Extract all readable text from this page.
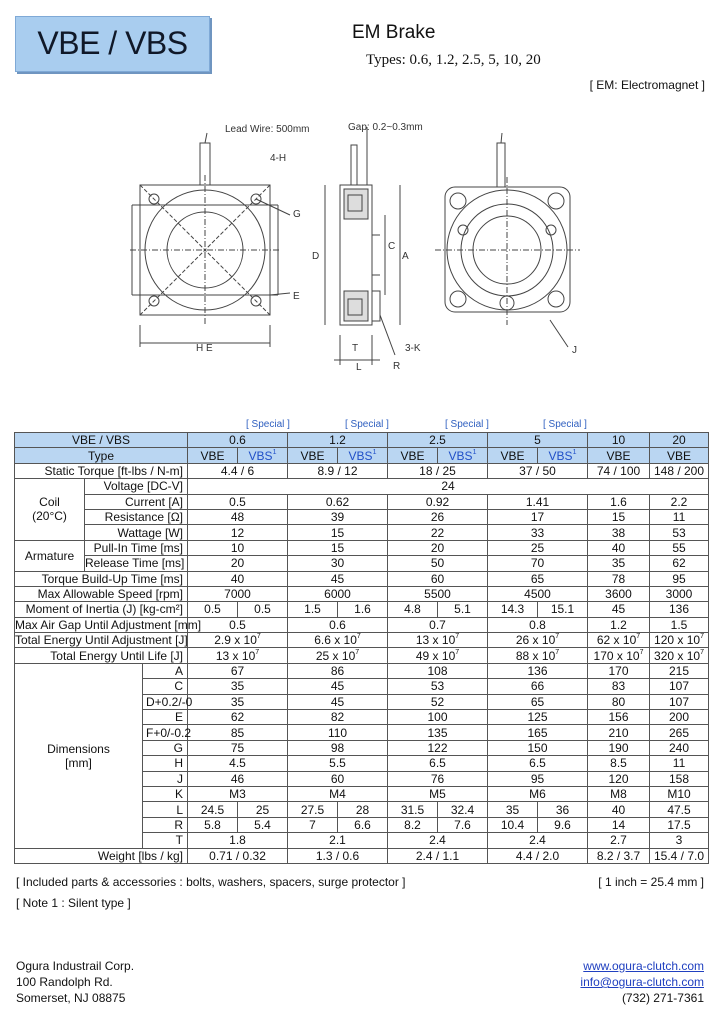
VBE / VBS	EM Brake
Types: 0.6, 1.2, 2.5, 5, 10, 20
[ EM: Electromagnet ]
Lead Wire: 500mm	Gap: 0.2~0.3mm
4-H
G
E
H E
D
C
A
T
L
3-K
R
J
[ Special ]	[ Special ]	[ Special ]	[ Special ]
VBE / VBS			0.6		1.2		2.5		5		10	20
Type			VBE	VBS$^1$	VBE	VBS$^1$	VBE	VBS$^1$	VBE	VBS$^1$	VBE	VBE
Static Torque [ft-lbs / N-m]			4.4 / 6		8.9 / 12		18 / 25		37 / 50		74 / 100	148 / 200
Coil
(20°C)	Voltage [DC-V]		24									
	Current [A]		0.5		0.62		0.92		1.41		1.6	2.2
	Resistance [Ω]		48		39		26		17		15	11
	Wattage [W]		12		15		22		33		38	53
Armature	Pull-In Time [ms]		10		15		20		25		40	55
	Release Time [ms]		20		30		50		70		35	62
Torque Build-Up Time [ms]			40		45		60		65		78	95
Max Allowable Speed [rpm]			7000		6000		5500		4500		3600	3000
Moment of Inertia (J) [kg-cm²]			0.5	0.5	1.5	1.6	4.8	5.1	14.3	15.1	45	136
Max Air Gap Until Adjustment [mm]			0.5		0.6		0.7		0.8		1.2	1.5
Total Energy Until Adjustment [J]			2.9 x $10^7$		6.6 x $10^7$		13 x $10^7$		26 x $10^7$		62 x $10^7$	120 x $10^7$
Total Energy Until Life [J]			13 x $10^7$		25 x $10^7$		49 x $10^7$		88 x $10^7$		170 x $10^7$	320 x $10^7$
Dimensions
[mm]		A	67		86		108		136		170	215
		C	35		45		53		66		83	107
		D+0.2/-0	35		45		52		65		80	107
		E	62		82		100		125		156	200
		F+0/-0.2	85		110		135		165		210	265
		G	75		98		122		150		190	240
		H	4.5		5.5		6.5		6.5		8.5	11
		J	46		60		76		95		120	158
		K	M3		M4		M5		M6		M8	M10
		L	24.5	25	27.5	28	31.5	32.4	35	36	40	47.5
		R	5.8	5.4	7	6.6	8.2	7.6	10.4	9.6	14	17.5
		T	1.8		2.1		2.4		2.4		2.7	3
Weight [lbs / kg]			0.71 / 0.32		1.3 / 0.6		2.4 / 1.1		4.4 / 2.0		8.2 / 3.7	15.4 / 7.0
[ Included parts & accessories : bolts, washers, spacers, surge protector ]	[ 1 inch = 25.4 mm ]
[ Note 1 : Silent type ]
Ogura Industrail Corp.
100 Randolph Rd.
Somerset, NJ 08875
www.ogura-clutch.com
info@ogura-clutch.com
(732) 271-7361
